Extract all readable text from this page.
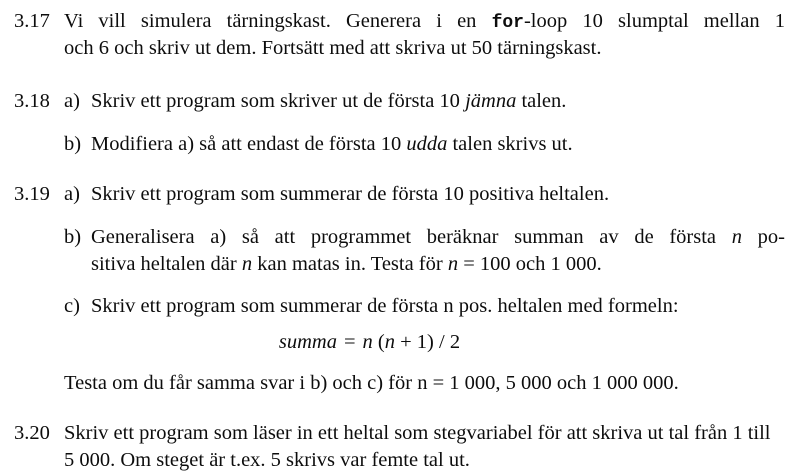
3.17 Vi vill simulera tärningskast. Generera i en for-loop 10 slumptal mellan 1
och 6 och skriv ut dem. Fortsätt med att skriva ut 50 tärningskast.

3.18 a) Skriv ett program som skriver ut de första 10 jämna talen.
b) Modifiera a) så att endast de första 10 udda talen skrivs ut.
3.19 a) Skriv ett program som summerar de första 10 positiva heltalen.
b) Generalisera a) så att programmet beräknar summan av de första n po-
sitiva heltalen där n kan matas in. Testa för n = 100 och 1 000.
c) Skriv ett program som summerar de första n pos. heltalen med formeln:
summa = n (n + 1) / 2

Testa om du får samma svar i b) och c) för n = 1 000, 5 000 och 1 000 000.

3.20 Skriv ett program som läser in ett heltal som stegvariabel för att skriva ut tal från 1 till 5 000. Om steget är t.ex. 5 skrivs var femte tal ut.
